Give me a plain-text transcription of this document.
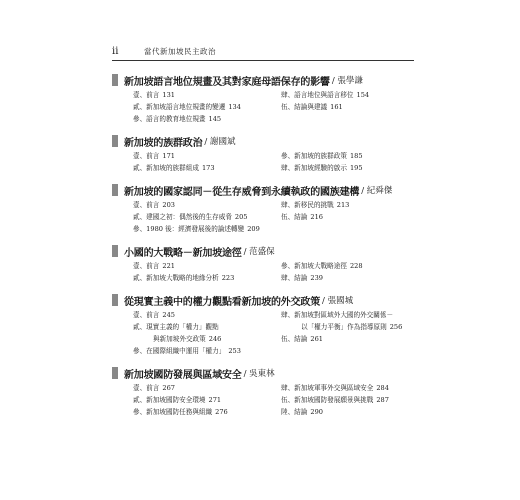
ii	當代新加坡民主政治
新加坡語言地位規畫及其對家庭母語保存的影響 / 張學謙
壹、前言 131	肆、語言地位與語言移位 154
貳、新加坡語言地位規畫的變遷 134	伍、結論與建議 161
參、語言的教育地位規畫 145
新加坡的族群政治 / 謝國斌
壹、前言 171	參、新加坡的族群政策 185
貳、新加坡的族群組成 173	肆、新加坡經驗的啟示 195
新加坡的國家認同－從生存威脅到永續執政的國族建構 / 紀舜傑
壹、前言 203	肆、新移民的挑戰 213
貳、建國之初：偶然後的生存威脅 205	伍、結論 216
參、1980 後：經濟發展後的論述轉變 209
小國的大戰略－新加坡途徑 / 范盛保
壹、前言 221	參、新加坡大戰略途徑 228
貳、新加坡大戰略的地緣分析 223	肆、結論 239
從現實主義中的權力觀點看新加坡的外交政策 / 張國城
壹、前言 245	肆、新加坡對區域外大國的外交關係－
貳、現實主義的「權力」觀點	以「權力平衡」作為指導原則 256
與新加坡外交政策 246	伍、結論 261
參、在國際組織中運用「權力」 253
新加坡國防發展與區域安全 / 吳東林
壹、前言 267	肆、新加坡軍事外交與區域安全 284
貳、新加坡國防安全環境 271	伍、新加坡國防發展願景與挑戰 287
參、新加坡國防任務與組織 276	陸、結論 290
